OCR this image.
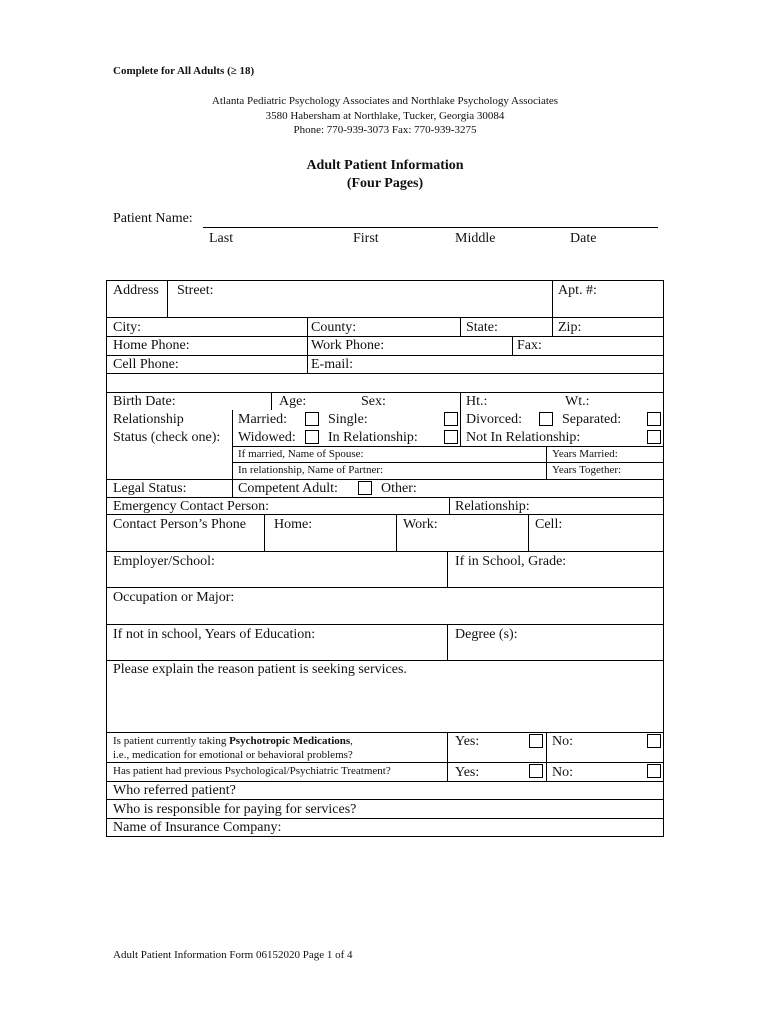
Complete for All Adults (≥ 18)
Atlanta Pediatric Psychology Associates and Northlake Psychology Associates
3580 Habersham at Northlake, Tucker, Georgia 30084
Phone: 770-939-3073 Fax: 770-939-3275
Adult Patient Information
(Four Pages)
Patient Name:
Last	First	Middle	Date
Address Street:	Apt. #:
City:	County:	State:	Zip:
Home Phone:	Work Phone:	Fax:
Cell Phone:	E-mail:
Birth Date:	Age:	Sex:	Ht.:	Wt.:
Relationship
Status (check one):
Married:	Single:	Divorced:	Separated:
Widowed: In Relationship:	Not In Relationship:
If married, Name of Spouse:	Years Married:
In relationship, Name of Partner:	Years Together:
Legal Status:	Competent Adult:	Other:
Emergency Contact Person:	Relationship:
Contact Person’s Phone Home:	Work:	Cell:
Employer/School:	If in School, Grade:
Occupation or Major:
If not in school, Years of Education:	Degree (s):
Please explain the reason patient is seeking services.
Is patient currently taking Psychotropic Medications,
i.e., medication for emotional or behavioral problems?
Yes:	No:
Has patient had previous Psychological/Psychiatric Treatment?	Yes:	No:
Who referred patient?
Who is responsible for paying for services?
Name of Insurance Company:
Adult Patient Information Form 06152020 Page 1 of 4
